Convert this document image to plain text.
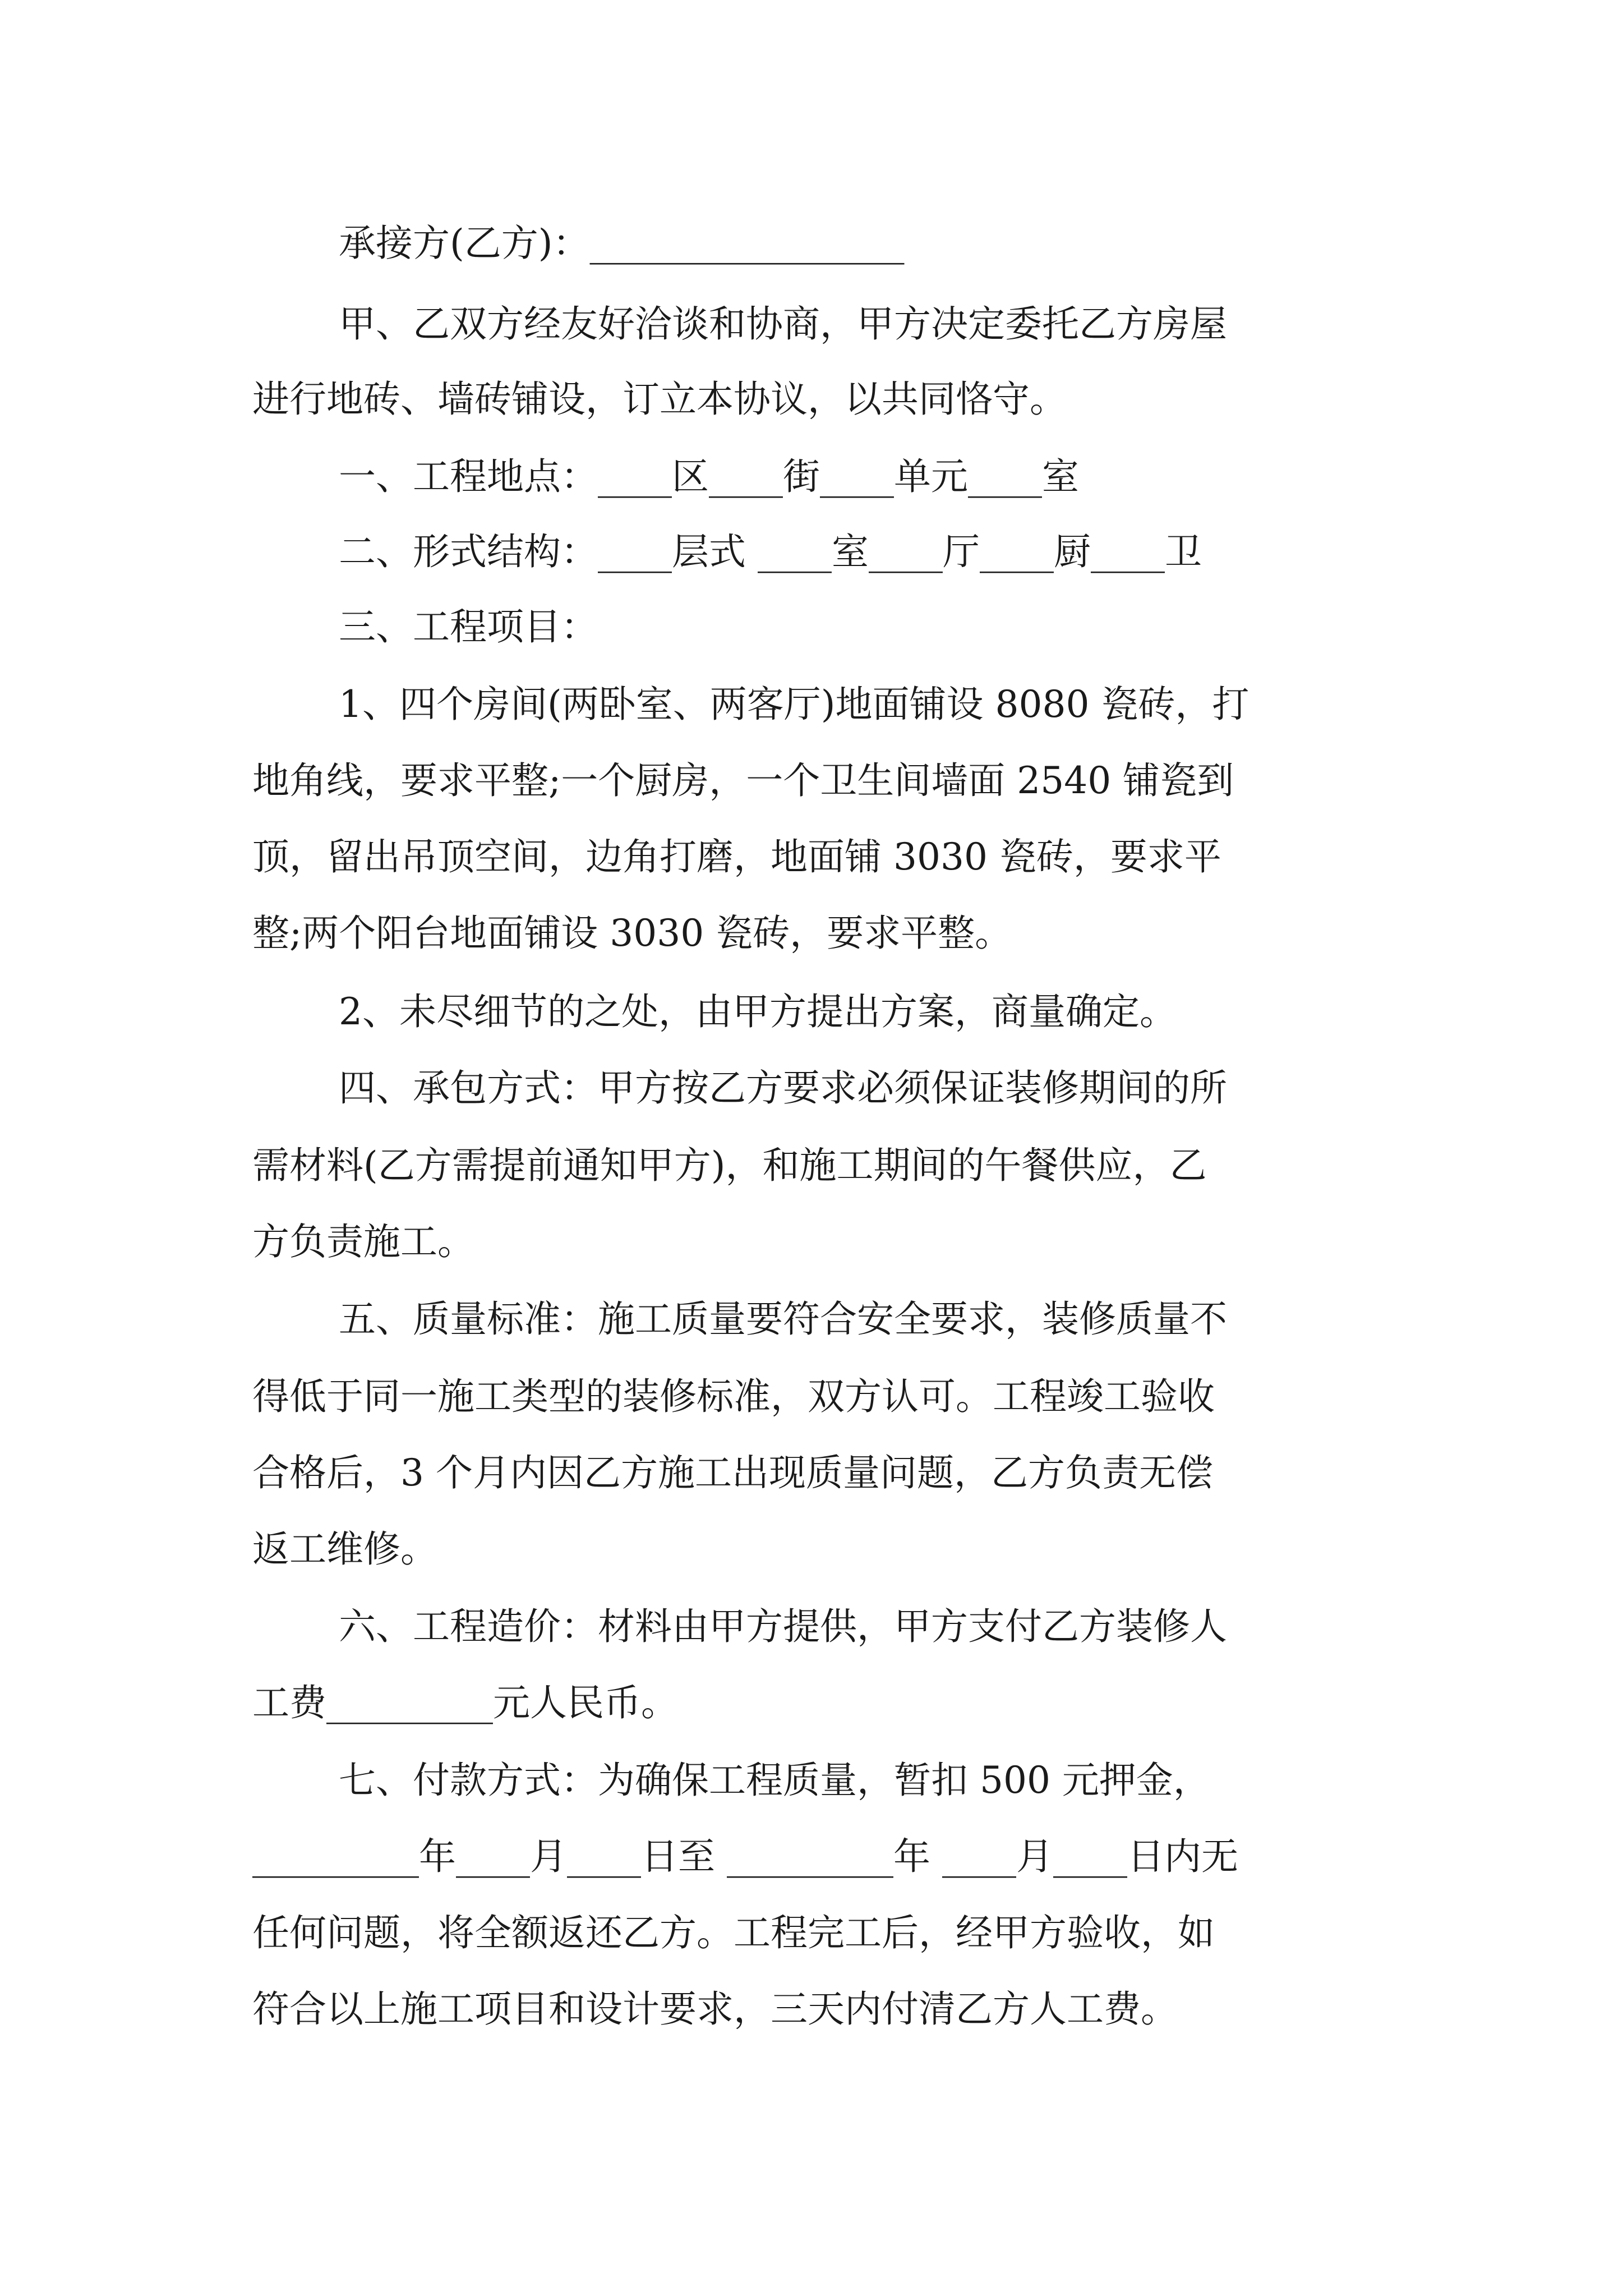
承接方(乙方)：_________________
甲、乙双方经友好洽谈和协商，甲方决定委托乙方房屋
进行地砖、墙砖铺设，订立本协议，以共同恪守。
一、工程地点：____区____街____单元____室
二、形式结构：____层式 ____室____厅____厨____卫
三、工程项目：
1、四个房间(两卧室、两客厅)地面铺设 8080 瓷砖，打
地角线，要求平整;一个厨房，一个卫生间墙面 2540 铺瓷到
顶，留出吊顶空间，边角打磨，地面铺 3030 瓷砖，要求平
整;两个阳台地面铺设 3030 瓷砖，要求平整。
2、未尽细节的之处，由甲方提出方案，商量确定。
四、承包方式：甲方按乙方要求必须保证装修期间的所
需材料(乙方需提前通知甲方)，和施工期间的午餐供应，乙
方负责施工。
五、质量标准：施工质量要符合安全要求，装修质量不
得低于同一施工类型的装修标准，双方认可。工程竣工验收
合格后，3 个月内因乙方施工出现质量问题，乙方负责无偿
返工维修。
六、工程造价：材料由甲方提供，甲方支付乙方装修人
工费_________元人民币。
七、付款方式：为确保工程质量，暂扣 500 元押金，
_________年____月____日至 _________年 ____月____日内无
任何问题，将全额返还乙方。工程完工后，经甲方验收，如
符合以上施工项目和设计要求，三天内付清乙方人工费。
